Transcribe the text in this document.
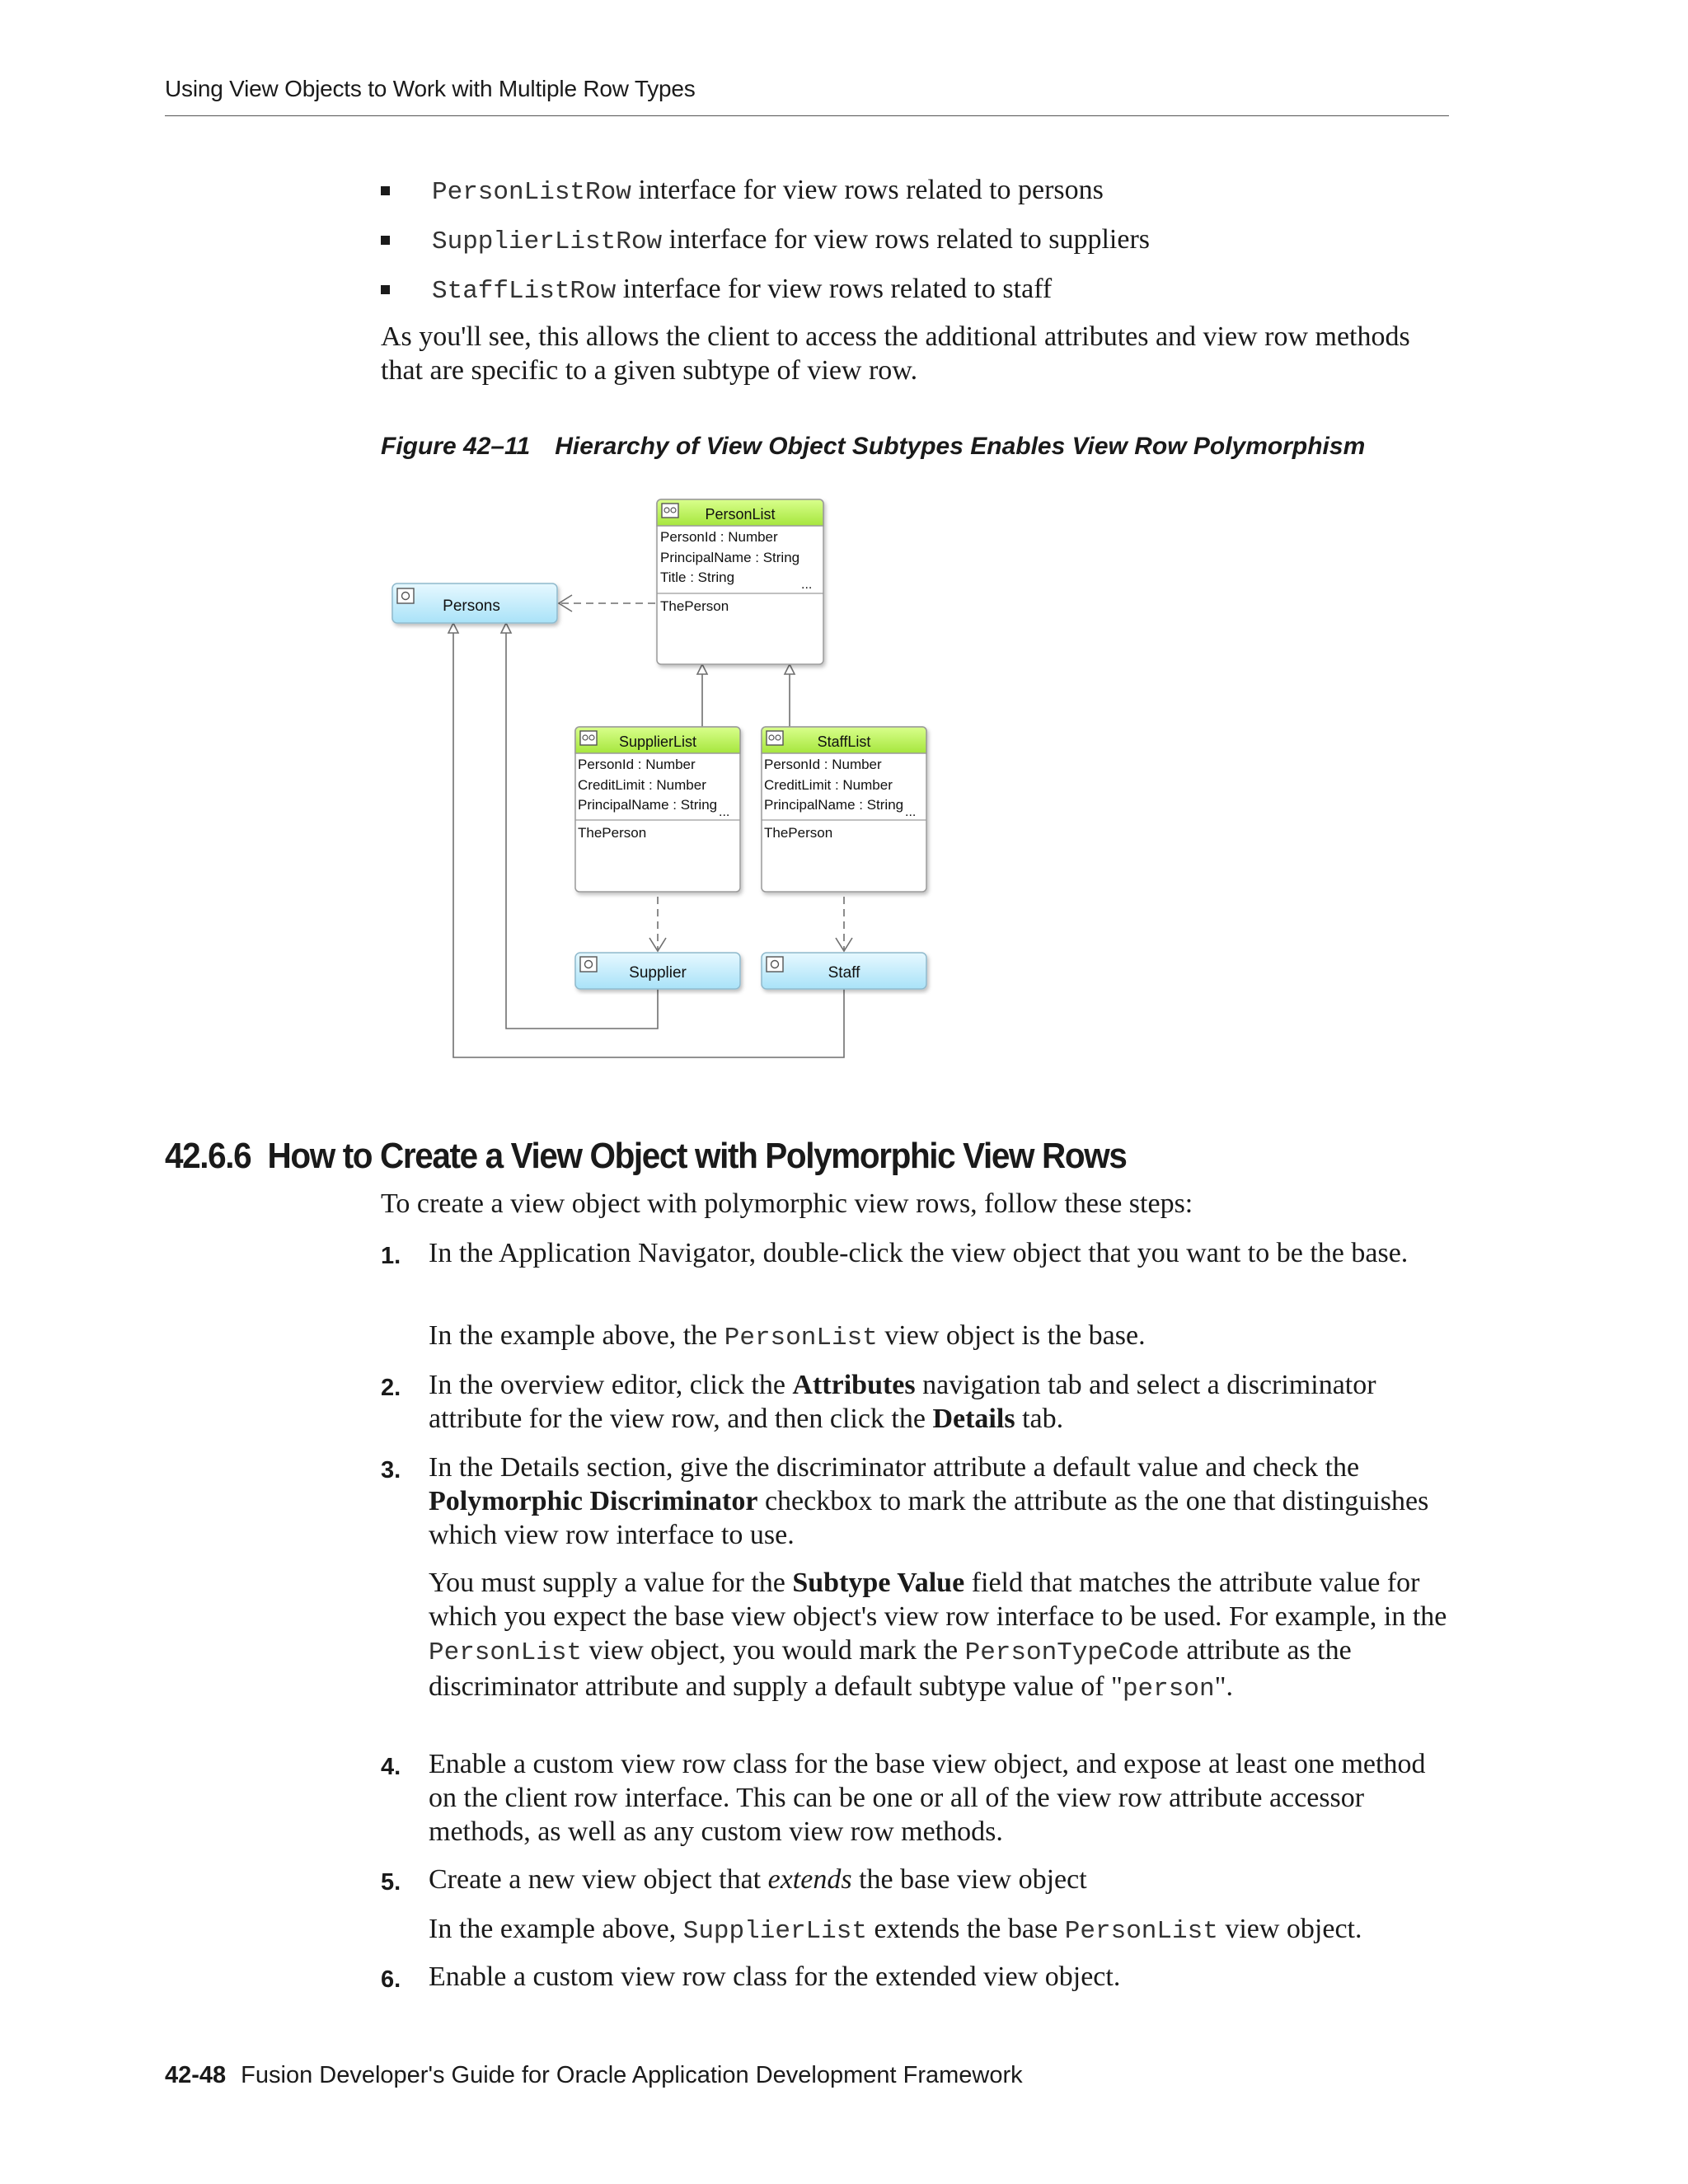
Using View Objects to Work with Multiple Row Types
PersonListRow interface for view rows related to persons
SupplierListRow interface for view rows related to suppliers
StaffListRow interface for view rows related to staff
As you'll see, this allows the client to access the additional attributes and view row methods that are specific to a given subtype of view row.
Figure 42–11 Hierarchy of View Object Subtypes Enables View Row Polymorphism
Persons
PersonList
PersonId : Number
PrincipalName : String
Title : String	...
ThePerson
SupplierList
PersonId : Number
CreditLimit : Number
PrincipalName : String ...
ThePerson
StaffList
PersonId : Number
CreditLimit : Number
PrincipalName : String ...
ThePerson
Supplier	Staff
42.6.6 How to Create a View Object with Polymorphic View Rows
To create a view object with polymorphic view rows, follow these steps:
1. In the Application Navigator, double-click the view object that you want to be the base.
In the example above, the PersonList view object is the base.
2. In the overview editor, click the Attributes navigation tab and select a discriminator attribute for the view row, and then click the Details tab.
3. In the Details section, give the discriminator attribute a default value and check the Polymorphic Discriminator checkbox to mark the attribute as the one that distinguishes which view row interface to use.
You must supply a value for the Subtype Value field that matches the attribute value for which you expect the base view object's view row interface to be used. For example, in the PersonList view object, you would mark the PersonTypeCode attribute as the discriminator attribute and supply a default subtype value of "person".
4. Enable a custom view row class for the base view object, and expose at least one method on the client row interface. This can be one or all of the view row attribute accessor methods, as well as any custom view row methods.
5. Create a new view object that extends the base view object
In the example above, SupplierList extends the base PersonList view object.
6. Enable a custom view row class for the extended view object.
42-48 Fusion Developer's Guide for Oracle Application Development Framework
